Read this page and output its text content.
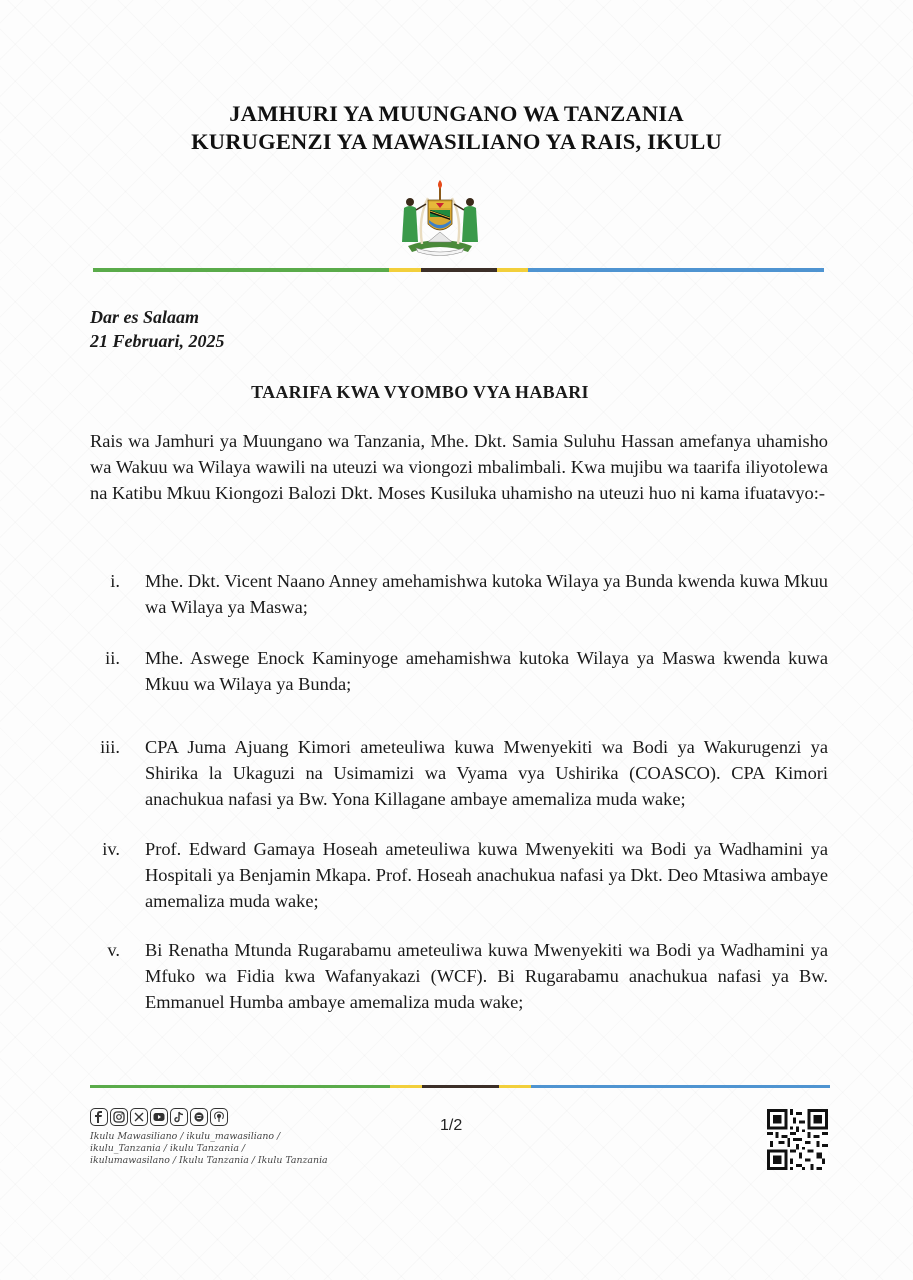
JAMHURI YA MUUNGANO WA TANZANIA
KURUGENZI YA MAWASILIANO YA RAIS, IKULU
Dar es Salaam
21 Februari, 2025
TAARIFA KWA VYOMBO VYA HABARI
Rais wa Jamhuri ya Muungano wa Tanzania, Mhe. Dkt. Samia Suluhu Hassan amefanya uhamisho wa Wakuu wa Wilaya wawili na uteuzi wa viongozi mbalimbali. Kwa mujibu wa taarifa iliyotolewa na Katibu Mkuu Kiongozi Balozi Dkt. Moses Kusiluka uhamisho na uteuzi huo ni kama ifuatavyo:-
i. Mhe. Dkt. Vicent Naano Anney amehamishwa kutoka Wilaya ya Bunda kwenda kuwa Mkuu wa Wilaya ya Maswa;
ii. Mhe. Aswege Enock Kaminyoge amehamishwa kutoka Wilaya ya Maswa kwenda kuwa Mkuu wa Wilaya ya Bunda;
iii. CPA Juma Ajuang Kimori ameteuliwa kuwa Mwenyekiti wa Bodi ya Wakurugenzi ya Shirika la Ukaguzi na Usimamizi wa Vyama vya Ushirika (COASCO). CPA Kimori anachukua nafasi ya Bw. Yona Killagane ambaye amemaliza muda wake;
iv. Prof. Edward Gamaya Hoseah ameteuliwa kuwa Mwenyekiti wa Bodi ya Wadhamini ya Hospitali ya Benjamin Mkapa. Prof. Hoseah anachukua nafasi ya Dkt. Deo Mtasiwa ambaye amemaliza muda wake;
v. Bi Renatha Mtunda Rugarabamu ameteuliwa kuwa Mwenyekiti wa Bodi ya Wadhamini ya Mfuko wa Fidia kwa Wafanyakazi (WCF). Bi Rugarabamu anachukua nafasi ya Bw. Emmanuel Humba ambaye amemaliza muda wake;
Ikulu Mawasiliano / ikulu_mawasiliano /
ikulu_Tanzania / ikulu Tanzania /
ikulumawasilano / Ikulu Tanzania / Ikulu Tanzania
1/2
